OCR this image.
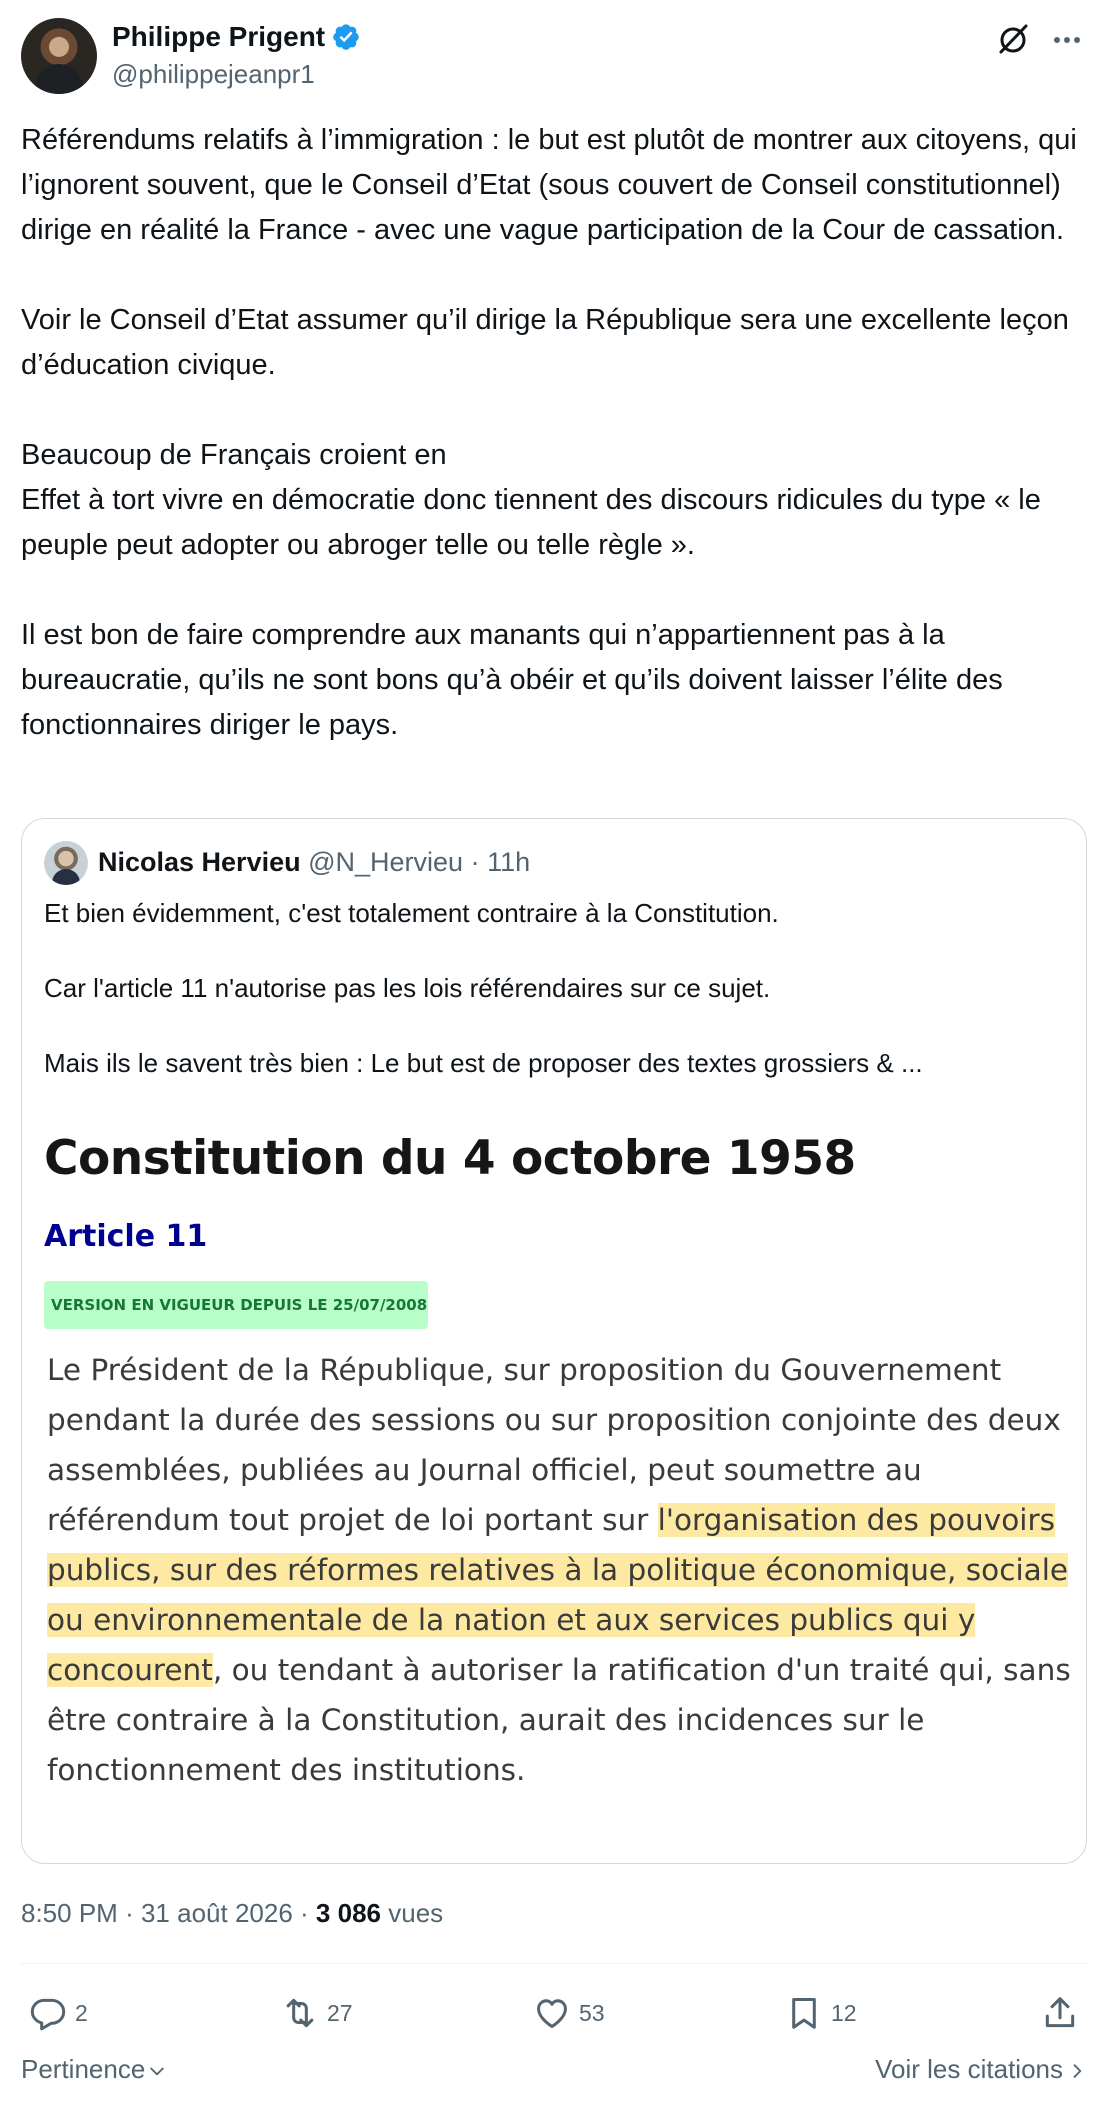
Philippe Prigent
@philippejeanpr1

Référendums relatifs à l’immigration : le but est plutôt de montrer aux citoyens, qui l’ignorent souvent, que le Conseil d’Etat (sous couvert de Conseil constitutionnel) dirige en réalité la France - avec une vague participation de la Cour de cassation.

Voir le Conseil d’Etat assumer qu’il dirige la République sera une excellente leçon d’éducation civique.

Beaucoup de Français croient en

Effet à tort vivre en démocratie donc tiennent des discours ridicules du type « le peuple peut adopter ou abroger telle ou telle règle ».

Il est bon de faire comprendre aux manants qui n’appartiennent pas à la bureaucratie, qu’ils ne sont bons qu’à obéir et qu’ils doivent laisser l’élite des fonctionnaires diriger le pays.

Nicolas Hervieu @N_Hervieu · 11h

Et bien évidemment, c'est totalement contraire à la Constitution.

Car l'article 11 n'autorise pas les lois référendaires sur ce sujet.

Mais ils le savent très bien : Le but est de proposer des textes grossiers & ...

Constitution du 4 octobre 1958
Article 11
VERSION EN VIGUEUR DEPUIS LE 25/07/2008
Le Président de la République, sur proposition du Gouvernement pendant la durée des sessions ou sur proposition conjointe des deux assemblées, publiées au Journal officiel, peut soumettre au référendum tout projet de loi portant sur l'organisation des pouvoirs publics, sur des réformes relatives à la politique économique, sociale ou environnementale de la nation et aux services publics qui y concourent, ou tendant à autoriser la ratification d'un traité qui, sans être contraire à la Constitution, aurait des incidences sur le fonctionnement des institutions.
8:50 PM · 31 août 2026 · 3 086 vues
2	27	53	12
Pertinence	Voir les citations
